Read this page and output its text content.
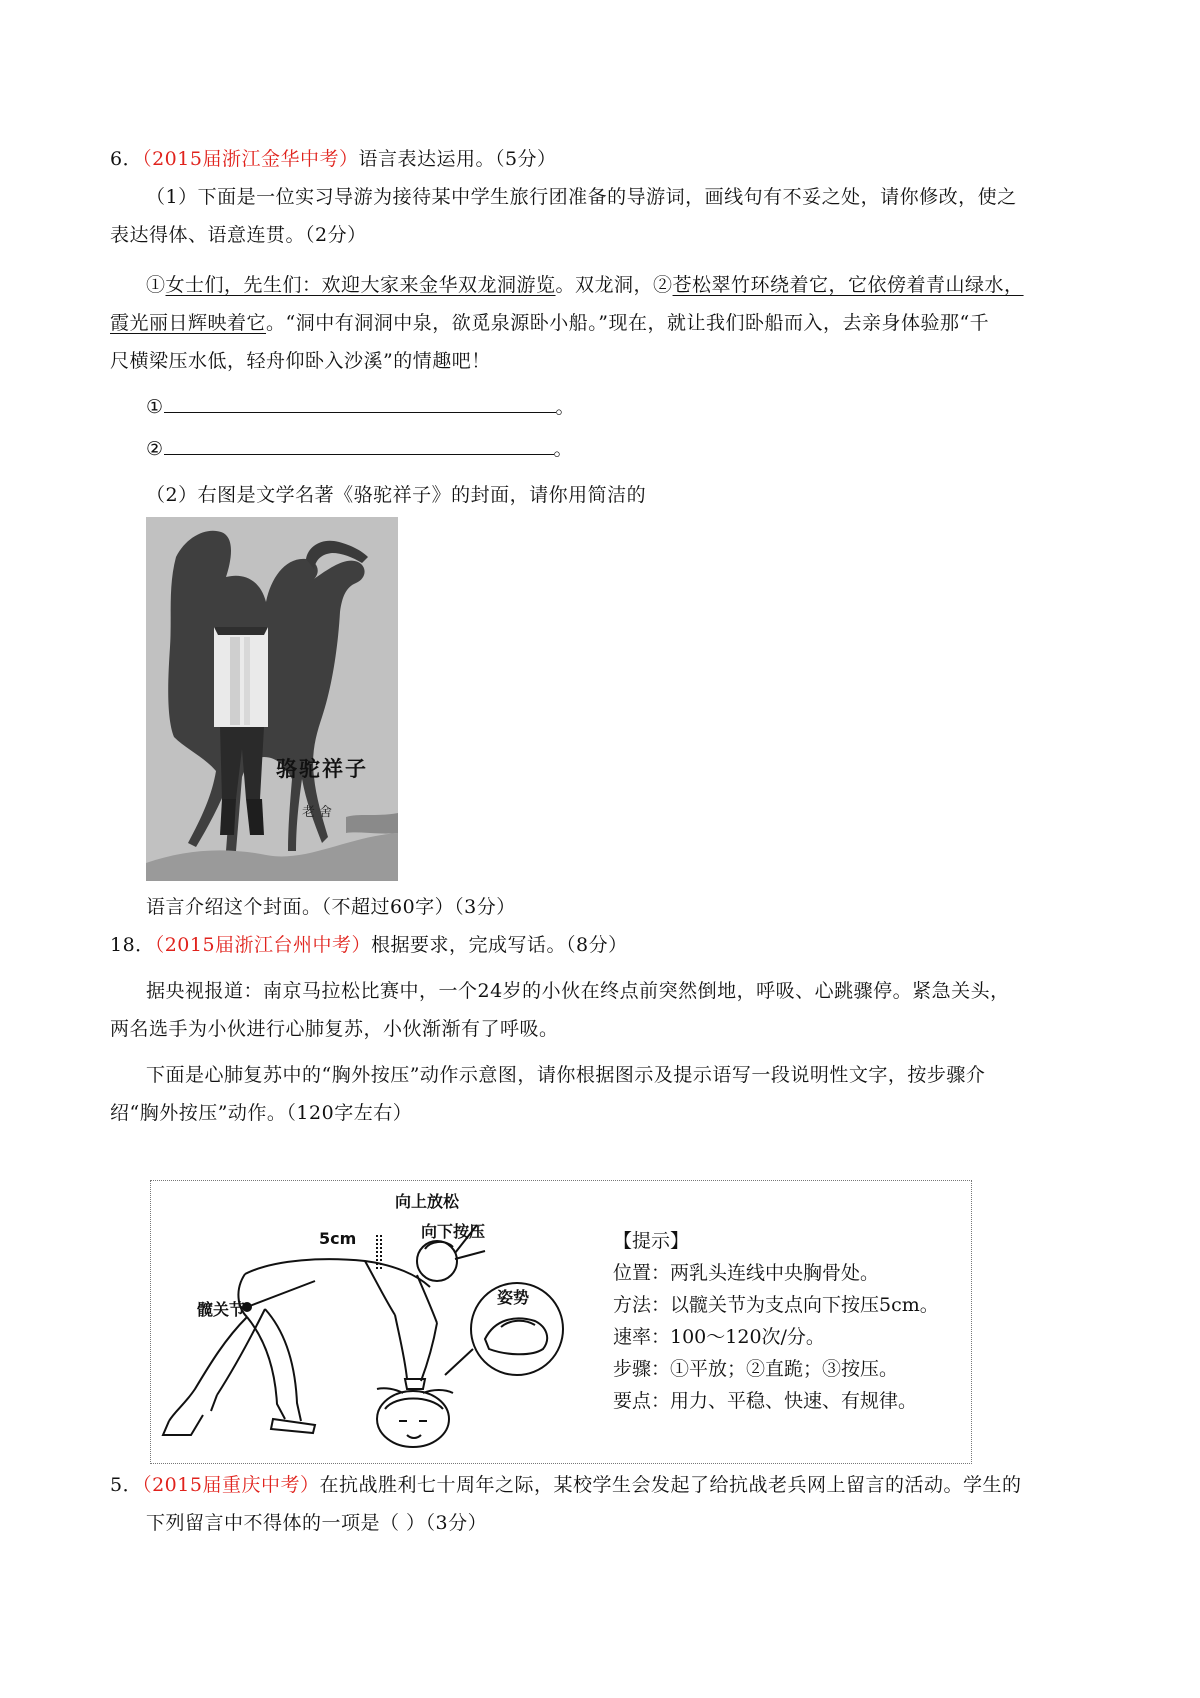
6．（2015届浙江金华中考）语言表达运用。（5分）
（1）下面是一位实习导游为接待某中学生旅行团准备的导游词，画线句有不妥之处，请你修改，使之
表达得体、语意连贯。（2分）
①女士们，先生们：欢迎大家来金华双龙洞游览。双龙洞，②苍松翠竹环绕着它，它依傍着青山绿水，
霞光丽日辉映着它。“洞中有洞洞中泉，欲觅泉源卧小船。”现在，就让我们卧船而入，去亲身体验那“千
尺横梁压水低，轻舟仰卧入沙溪”的情趣吧！
①	。
②	。
（2）右图是文学名著《骆驼祥子》的封面，请你用简洁的
骆驼祥子
老舍
语言介绍这个封面。（不超过60字）（3分）
18．（2015届浙江台州中考）根据要求，完成写话。（8分）
据央视报道：南京马拉松比赛中，一个24岁的小伙在终点前突然倒地，呼吸、心跳骤停。紧急关头，
两名选手为小伙进行心肺复苏，小伙渐渐有了呼吸。
下面是心肺复苏中的“胸外按压”动作示意图，请你根据图示及提示语写一段说明性文字，按步骤介
绍“胸外按压”动作。（120字左右）
向上放松
向下按压
5cm
髋关节
姿势
【提示】
位置：两乳头连线中央胸骨处。
方法：以髋关节为支点向下按压5cm。
速率：100～120次/分。
步骤：①平放；②直跪；③按压。
要点：用力、平稳、快速、有规律。
5．（2015届重庆中考）在抗战胜利七十周年之际，某校学生会发起了给抗战老兵网上留言的活动。学生的
下列留言中不得体的一项是（ ）（3分）
